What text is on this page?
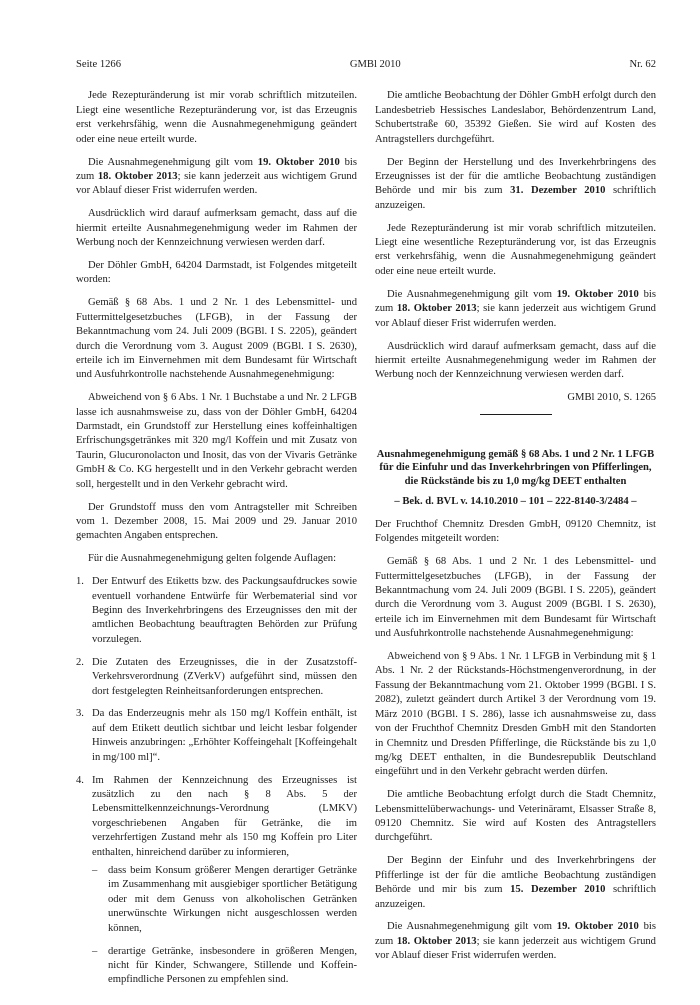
Seite 1266	GMBl 2010	Nr. 62

Jede Rezepturänderung ist mir vorab schriftlich mitzuteilen. Liegt eine wesentliche Rezepturänderung vor, ist das Erzeugnis erst verkehrsfähig, wenn die Ausnahmegenehmigung geändert oder eine neue erteilt wurde.

Die Ausnahmegenehmigung gilt vom 19. Oktober 2010 bis zum 18. Oktober 2013; sie kann jederzeit aus wichtigem Grund vor Ablauf dieser Frist widerrufen werden.

Ausdrücklich wird darauf aufmerksam gemacht, dass auf die hiermit erteilte Ausnahmegenehmigung weder im Rahmen der Werbung noch der Kennzeichnung verwiesen werden darf.

Der Döhler GmbH, 64204 Darmstadt, ist Folgendes mitgeteilt worden:

Gemäß § 68 Abs. 1 und 2 Nr. 1 des Lebensmittel- und Futtermittelgesetzbuches (LFGB), in der Fassung der Bekanntmachung vom 24. Juli 2009 (BGBl. I S. 2205), geändert durch die Verordnung vom 3. August 2009 (BGBl. I S. 2630), erteile ich im Einvernehmen mit dem Bundesamt für Wirtschaft und Ausfuhrkontrolle nachstehende Ausnahmegenehmigung:

Abweichend von § 6 Abs. 1 Nr. 1 Buchstabe a und Nr. 2 LFGB lasse ich ausnahmsweise zu, dass von der Döhler GmbH, 64204 Darmstadt, ein Grundstoff zur Herstellung eines koffeinhaltigen Erfrischungsgetränkes mit 320 mg/l Koffein und mit Zusatz von Taurin, Glucuronolacton und Inosit, das von der Vivaris Getränke GmbH & Co. KG hergestellt und in den Verkehr gebracht werden soll, hergestellt und in den Verkehr gebracht wird.

Der Grundstoff muss den vom Antragsteller mit Schreiben vom 1. Dezember 2008, 15. Mai 2009 und 29. Januar 2010 gemachten Angaben entsprechen.

Für die Ausnahmegenehmigung gelten folgende Auflagen:

1. Der Entwurf des Etiketts bzw. des Packungsaufdruckes sowie eventuell vorhandene Entwürfe für Werbematerial sind vor Beginn des Inverkehrbringens des Erzeugnisses den mit der amtlichen Beobachtung beauftragten Behörden zur Prüfung vorzulegen.
2. Die Zutaten des Erzeugnisses, die in der Zusatzstoff-Verkehrsverordnung (ZVerkV) aufgeführt sind, müssen den dort festgelegten Reinheitsanforderungen entsprechen.
3. Da das Enderzeugnis mehr als 150 mg/l Koffein enthält, ist auf dem Etikett deutlich sichtbar und leicht lesbar folgender Hinweis anzubringen: „Erhöhter Koffeingehalt [Koffeingehalt in mg/100 ml]“.
4. Im Rahmen der Kennzeichnung des Erzeugnisses ist zusätzlich zu den nach § 8 Abs. 5 der Lebensmittelkennzeichnungs-Verordnung (LMKV) vorgeschriebenen Angaben für Getränke, die im verzehrfertigen Zustand mehr als 150 mg Koffein pro Liter enthalten, hinreichend darüber zu informieren,
–	dass beim Konsum größerer Mengen derartiger Getränke im Zusammenhang mit ausgiebiger sportlicher Betätigung oder mit dem Genuss von alkoholischen Getränken unerwünschte Wirkungen nicht ausgeschlossen werden können,
–	derartige Getränke, insbesondere in größeren Mengen, nicht für Kinder, Schwangere, Stillende und Koffein-empfindliche Personen zu empfehlen sind.

Die amtliche Beobachtung der Döhler GmbH erfolgt durch den Landesbetrieb Hessisches Landeslabor, Behördenzentrum Land, Schubertstraße 60, 35392 Gießen. Sie wird auf Kosten des Antragstellers durchgeführt.

Der Beginn der Herstellung und des Inverkehrbringens des Erzeugnisses ist der für die amtliche Beobachtung zuständigen Behörde und mir bis zum 31. Dezember 2010 schriftlich anzuzeigen.

Jede Rezepturänderung ist mir vorab schriftlich mitzuteilen. Liegt eine wesentliche Rezepturänderung vor, ist das Erzeugnis erst verkehrsfähig, wenn die Ausnahmegenehmigung geändert oder eine neue erteilt wurde.

Die Ausnahmegenehmigung gilt vom 19. Oktober 2010 bis zum 18. Oktober 2013; sie kann jederzeit aus wichtigem Grund vor Ablauf dieser Frist widerrufen werden.

Ausdrücklich wird darauf aufmerksam gemacht, dass auf die hiermit erteilte Ausnahmegenehmigung weder im Rahmen der Werbung noch der Kennzeichnung verwiesen werden darf.

GMBl 2010, S. 1265
Ausnahmegenehmigung gemäß § 68 Abs. 1 und 2 Nr. 1 LFGB für die Einfuhr und das Inverkehrbringen von Pfifferlingen, die Rückstände bis zu 1,0 mg/kg DEET enthalten
– Bek. d. BVL v. 14.10.2010 – 101 – 222-8140-3/2484 –

Der Fruchthof Chemnitz Dresden GmbH, 09120 Chemnitz, ist Folgendes mitgeteilt worden:

Gemäß § 68 Abs. 1 und 2 Nr. 1 des Lebensmittel- und Futtermittelgesetzbuches (LFGB), in der Fassung der Bekanntmachung vom 24. Juli 2009 (BGBl. I S. 2205), geändert durch die Verordnung vom 3. August 2009 (BGBl. I S. 2630), erteile ich im Einvernehmen mit dem Bundesamt für Wirtschaft und Ausfuhrkontrolle nachstehende Ausnahmegenehmigung:

Abweichend von § 9 Abs. 1 Nr. 1 LFGB in Verbindung mit § 1 Abs. 1 Nr. 2 der Rückstands-Höchstmengenverordnung, in der Fassung der Bekanntmachung vom 21. Oktober 1999 (BGBl. I S. 2082), zuletzt geändert durch Artikel 3 der Verordnung vom 19. März 2010 (BGBl. I S. 286), lasse ich ausnahmsweise zu, dass von der Fruchthof Chemnitz Dresden GmbH mit den Standorten in Chemnitz und Dresden Pfifferlinge, die Rückstände bis zu 1,0 mg/kg DEET enthalten, in die Bundesrepublik Deutschland eingeführt und in den Verkehr gebracht werden dürfen.

Die amtliche Beobachtung erfolgt durch die Stadt Chemnitz, Lebensmittelüberwachungs- und Veterinäramt, Elsasser Straße 8, 09120 Chemnitz. Sie wird auf Kosten des Antragstellers durchgeführt.

Der Beginn der Einfuhr und des Inverkehrbringens der Pfifferlinge ist der für die amtliche Beobachtung zuständigen Behörde und mir bis zum 15. Dezember 2010 schriftlich anzuzeigen.

Die Ausnahmegenehmigung gilt vom 19. Oktober 2010 bis zum 18. Oktober 2013; sie kann jederzeit aus wichtigem Grund vor Ablauf dieser Frist widerrufen werden.
